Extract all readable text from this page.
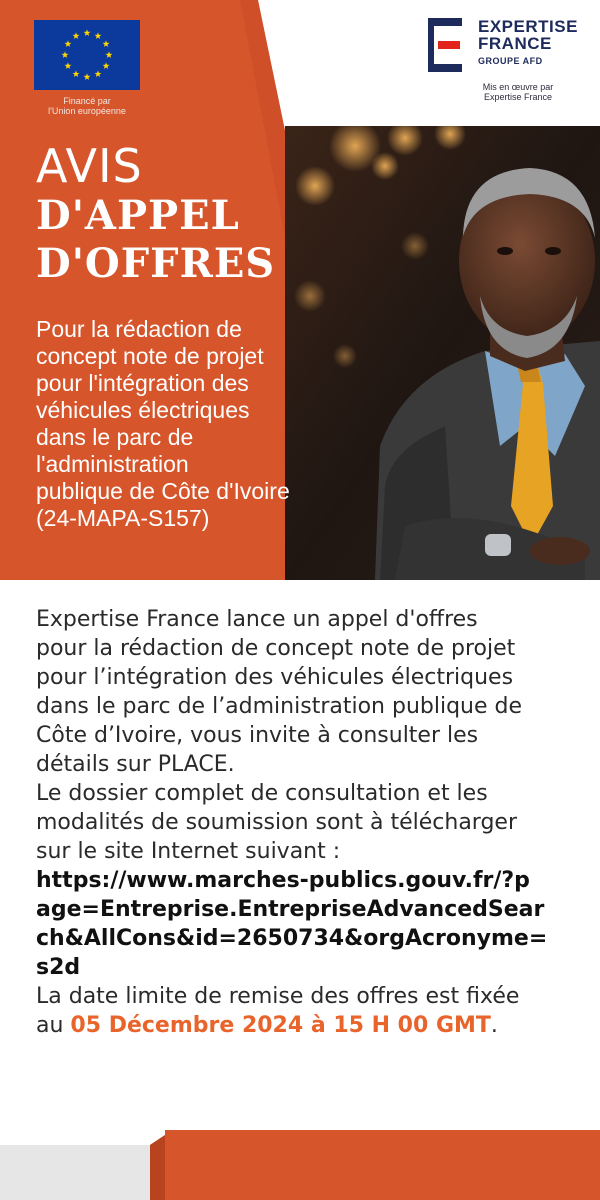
Financé par
l'Union européenne
EXPERTISE
FRANCE
GROUPE AFD
Mis en œuvre par
Expertise France
AVIS
D'APPEL
D'OFFRES
Pour la rédaction de
concept note de projet
pour l'intégration des
véhicules électriques
dans le parc de
l'administration
publique de Côte d'Ivoire
(24-MAPA-S157)
Expertise France lance un appel d'offres
pour la rédaction de concept note de projet
pour l’intégration des véhicules électriques
dans le parc de l’administration publique de
Côte d’Ivoire, vous invite à consulter les
détails sur PLACE.
Le dossier complet de consultation et les
modalités de soumission sont à télécharger
sur le site Internet suivant :
https://www.marches-publics.gouv.fr/?p
age=Entreprise.EntrepriseAdvancedSear
ch&AllCons&id=2650734&orgAcronyme=
s2d
La date limite de remise des offres est fixée
au 05 Décembre 2024 à 15 H 00 GMT.
